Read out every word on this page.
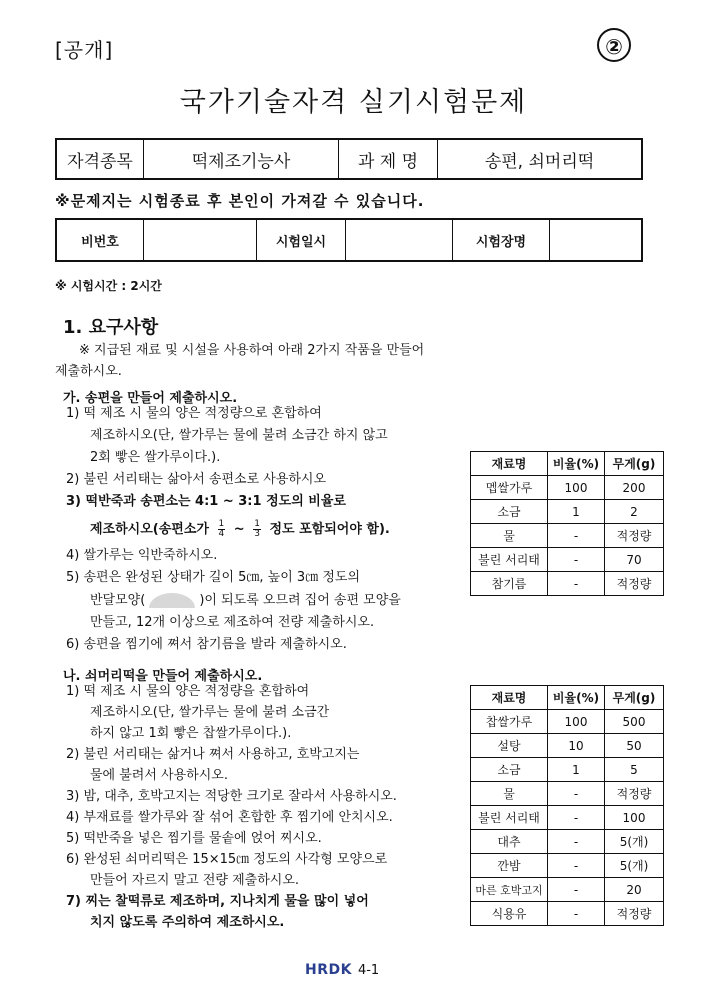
[공개]	②
국가기술자격 실기시험문제
자격종목	떡제조기능사	과 제 명	송편, 쇠머리떡
※문제지는 시험종료 후 본인이 가져갈 수 있습니다.
비번호		시험일시		시험장명	
※ 시험시간 : 2시간
1. 요구사항
※ 지급된 재료 및 시설을 사용하여 아래 2가지 작품을 만들어
제출하시오.
가. 송편을 만들어 제출하시오.
1) 떡 제조 시 물의 양은 적정량으로 혼합하여
제조하시오(단, 쌀가루는 물에 불려 소금간 하지 않고
2회 빻은 쌀가루이다.).
2) 불린 서리태는 삶아서 송편소로 사용하시오
3) 떡반죽과 송편소는 4:1 ~ 3:1 정도의 비율로
제조하시오(송편소가 $\frac{1}{4}$ ~ $\frac{1}{3}$ 정도 포함되어야 함).
4) 쌀가루는 익반죽하시오.
5) 송편은 완성된 상태가 길이 5㎝, 높이 3㎝ 정도의
반달모양(	)이 되도록 오므려 집어 송편 모양을
만들고, 12개 이상으로 제조하여 전량 제출하시오.
6) 송편을 찜기에 쪄서 참기름을 발라 제출하시오.
재료명	비율(%)	무게(g)
멥쌀가루	100	200
소금	1	2
물	-	적정량
불린 서리태	-	70
참기름	-	적정량
나. 쇠머리떡을 만들어 제출하시오.
1) 떡 제조 시 물의 양은 적정량을 혼합하여
제조하시오(단, 쌀가루는 물에 불려 소금간
하지 않고 1회 빻은 찹쌀가루이다.).
2) 불린 서리태는 삶거나 쪄서 사용하고, 호박고지는
물에 불려서 사용하시오.
3) 밤, 대추, 호박고지는 적당한 크기로 잘라서 사용하시오.
4) 부재료를 쌀가루와 잘 섞어 혼합한 후 찜기에 안치시오.
5) 떡반죽을 넣은 찜기를 물솥에 얹어 찌시오.
6) 완성된 쇠머리떡은 15×15㎝ 정도의 사각형 모양으로
만들어 자르지 말고 전량 제출하시오.
7) 찌는 찰떡류로 제조하며, 지나치게 물을 많이 넣어
치지 않도록 주의하여 제조하시오.
재료명	비율(%)	무게(g)
찹쌀가루	100	500
설탕	10	50
소금	1	5
물	-	적정량
불린 서리태	-	100
대추	-	5(개)
깐밤	-	5(개)
마른 호박고지	-	20
식용유	-	적정량
HRDK 4-1
